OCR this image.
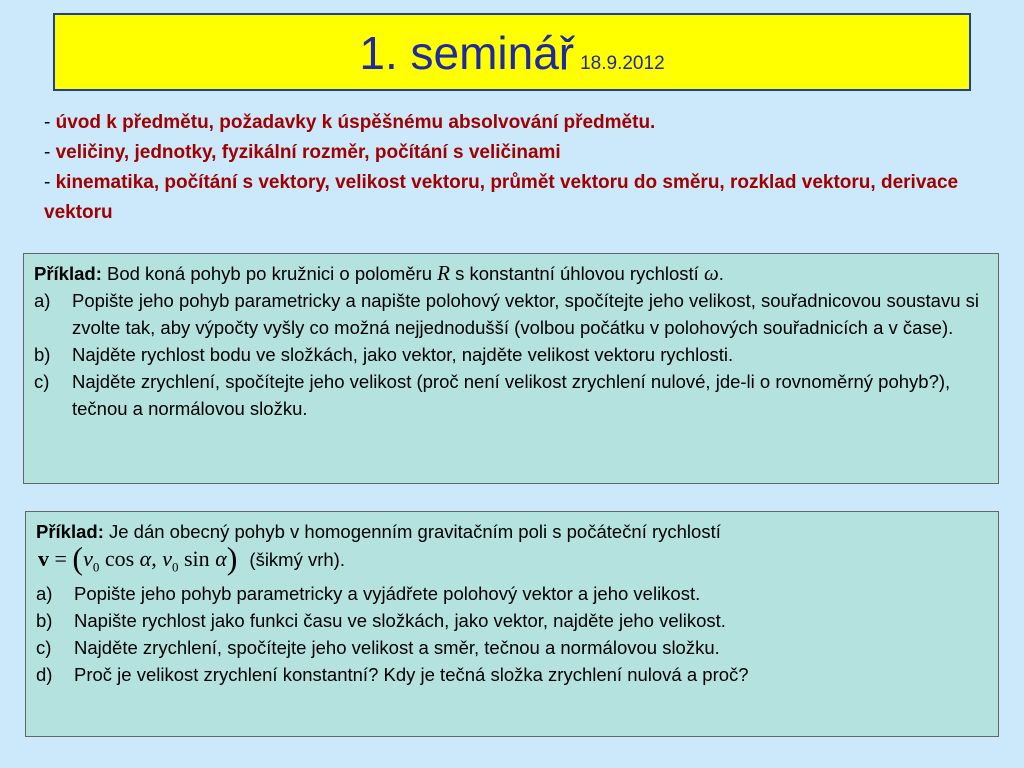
1. seminář 18.9.2012

- úvod k předmětu, požadavky k úspěšnému absolvování předmětu.

- veličiny, jednotky, fyzikální rozměr, počítání s veličinami

- kinematika, počítání s vektory, velikost vektoru, průmět vektoru do směru, rozklad vektoru, derivace vektoru

Příklad: Bod koná pohyb po kružnici o poloměru R s konstantní úhlovou rychlostí ω.
a)	Popište jeho pohyb parametricky a napište polohový vektor, spočítejte jeho velikost, souřadnicovou soustavu si zvolte tak, aby výpočty vyšly co možná nejjednodušší (volbou počátku v polohových souřadnicích a v čase).
b)	Najděte rychlost bodu ve složkách, jako vektor, najděte velikost vektoru rychlosti.
c)	Najděte zrychlení, spočítejte jeho velikost (proč není velikost zrychlení nulové, jde-li o rovnoměrný pohyb?), tečnou a normálovou složku.
Příklad: Je dán obecný pohyb v homogenním gravitačním poli s počáteční rychlostí
$v = (v_0$ cos α, $v_0$ sin α) (šikmý vrh).
a)	Popište jeho pohyb parametricky a vyjádřete polohový vektor a jeho velikost.
b)	Napište rychlost jako funkci času ve složkách, jako vektor, najděte jeho velikost.
c)	Najděte zrychlení, spočítejte jeho velikost a směr, tečnou a normálovou složku.
d)	Proč je velikost zrychlení konstantní? Kdy je tečná složka zrychlení nulová a proč?
